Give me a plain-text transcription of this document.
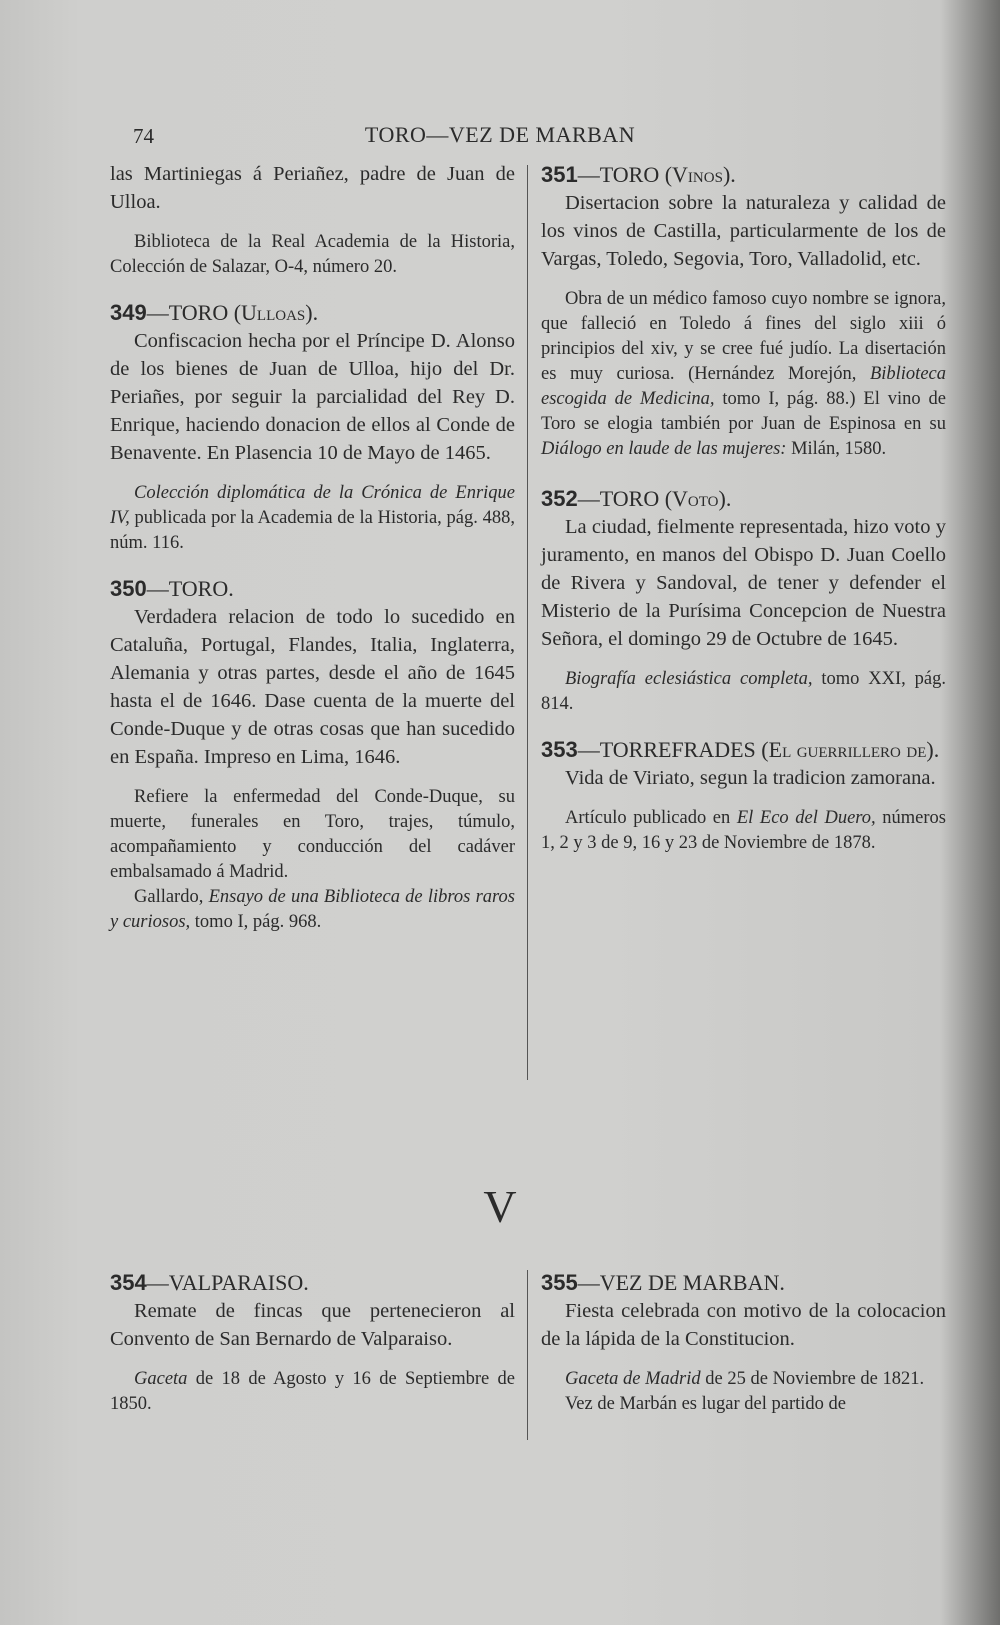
74	TORO—VEZ DE MARBAN

las Martiniegas á Periañez, padre de Juan de Ulloa.

Biblioteca de la Real Academia de la Historia, Colección de Salazar, O-4, número 20.

349—TORO (Ulloas).

Confiscacion hecha por el Príncipe D. Alonso de los bienes de Juan de Ulloa, hijo del Dr. Periañes, por seguir la parcialidad del Rey D. Enrique, haciendo donacion de ellos al Conde de Benavente. En Plasencia 10 de Mayo de 1465.

Colección diplomática de la Crónica de Enrique IV, publicada por la Academia de la Historia, pág. 488, núm. 116.

350—TORO.

Verdadera relacion de todo lo sucedido en Cataluña, Portugal, Flandes, Italia, Inglaterra, Alemania y otras partes, desde el año de 1645 hasta el de 1646. Dase cuenta de la muerte del Conde-Duque y de otras cosas que han sucedido en España. Impreso en Lima, 1646.

Refiere la enfermedad del Conde-Duque, su muerte, funerales en Toro, trajes, túmulo, acompañamiento y conducción del cadáver embalsamado á Madrid.

Gallardo, Ensayo de una Biblioteca de libros raros y curiosos, tomo I, pág. 968.

351—TORO (Vinos).

Disertacion sobre la naturaleza y calidad de los vinos de Castilla, particularmente de los de Vargas, Toledo, Segovia, Toro, Valladolid, etc.

Obra de un médico famoso cuyo nombre se ignora, que falleció en Toledo á fines del siglo xiii ó principios del xiv, y se cree fué judío. La disertación es muy curiosa. (Hernández Morejón, Biblioteca escogida de Medicina, tomo I, pág. 88.) El vino de Toro se elogia también por Juan de Espinosa en su Diálogo en laude de las mujeres: Milán, 1580.

352—TORO (Voto).

La ciudad, fielmente representada, hizo voto y juramento, en manos del Obispo D. Juan Coello de Rivera y Sandoval, de tener y defender el Misterio de la Purísima Concepcion de Nuestra Señora, el domingo 29 de Octubre de 1645.

Biografía eclesiástica completa, tomo XXI, pág. 814.

353—TORREFRADES (El guerrillero de).

Vida de Viriato, segun la tradicion zamorana.

Artículo publicado en El Eco del Duero, números 1, 2 y 3 de 9, 16 y 23 de Noviembre de 1878.

V

354—VALPARAISO.

Remate de fincas que pertenecieron al Convento de San Bernardo de Valparaiso.

Gaceta de 18 de Agosto y 16 de Septiembre de 1850.

355—VEZ DE MARBAN.

Fiesta celebrada con motivo de la colocacion de la lápida de la Constitucion.

Gaceta de Madrid de 25 de Noviembre de 1821.

Vez de Marbán es lugar del partido de
